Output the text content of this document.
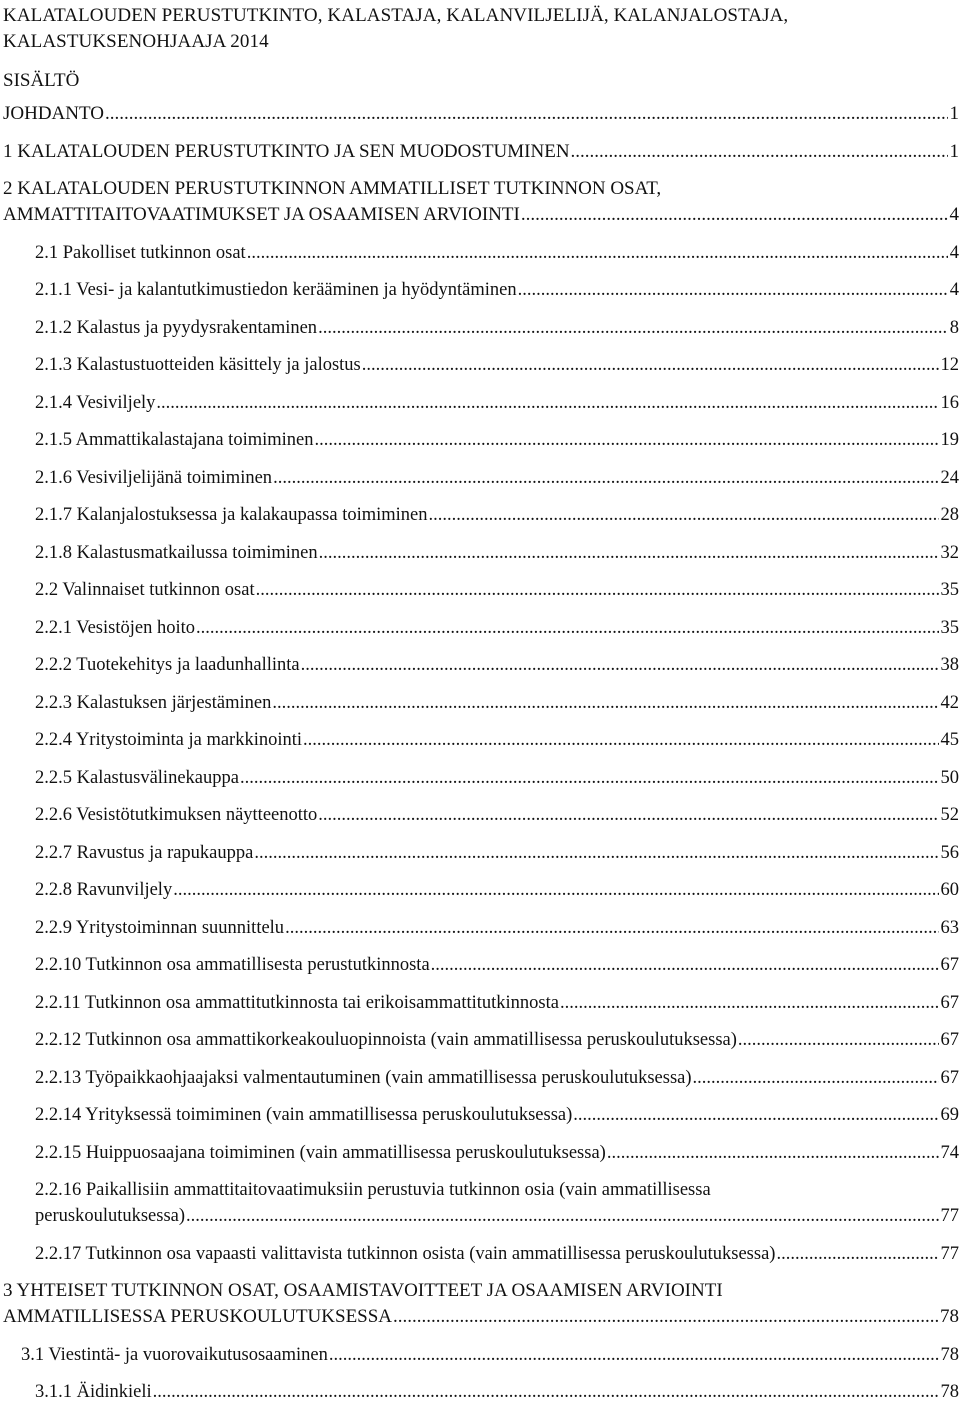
KALATALOUDEN PERUSTUTKINTO, KALASTAJA, KALANVILJELIJÄ, KALANJALOSTAJA,
KALASTUKSENOHJAAJA 2014
SISÄLTÖ
JOHDANTO .....	1
1 KALATALOUDEN PERUSTUTKINTO JA SEN MUODOSTUMINEN .....	1
2 KALATALOUDEN PERUSTUTKINNON AMMATILLISET TUTKINNON OSAT,
AMMATTITAITOVAATIMUKSET JA OSAAMISEN ARVIOINTI .....	4
2.1 Pakolliset tutkinnon osat .....	4
2.1.1 Vesi- ja kalantutkimustiedon kerääminen ja hyödyntäminen .....	4
2.1.2 Kalastus ja pyydysrakentaminen .....	8
2.1.3 Kalastustuotteiden käsittely ja jalostus .....	12
2.1.4 Vesiviljely .....	16
2.1.5 Ammattikalastajana toimiminen .....	19
2.1.6 Vesiviljelijänä toimiminen .....	24
2.1.7 Kalanjalostuksessa ja kalakaupassa toimiminen .....	28
2.1.8 Kalastusmatkailussa toimiminen .....	32
2.2 Valinnaiset tutkinnon osat .....	35
2.2.1 Vesistöjen hoito .....	35
2.2.2 Tuotekehitys ja laadunhallinta .....	38
2.2.3 Kalastuksen järjestäminen .....	42
2.2.4 Yritystoiminta ja markkinointi .....	45
2.2.5 Kalastusvälinekauppa .....	50
2.2.6 Vesistötutkimuksen näytteenotto .....	52
2.2.7 Ravustus ja rapukauppa .....	56
2.2.8 Ravunviljely .....	60
2.2.9 Yritystoiminnan suunnittelu .....	63
2.2.10 Tutkinnon osa ammatillisesta perustutkinnosta .....	67
2.2.11 Tutkinnon osa ammattitutkinnosta tai erikoisammattitutkinnosta .....	67
2.2.12 Tutkinnon osa ammattikorkeakouluopinnoista (vain ammatillisessa peruskoulutuksessa) .....	67
2.2.13 Työpaikkaohjaajaksi valmentautuminen (vain ammatillisessa peruskoulutuksessa) .....	67
2.2.14 Yrityksessä toimiminen (vain ammatillisessa peruskoulutuksessa) .....	69
2.2.15 Huippuosaajana toimiminen (vain ammatillisessa peruskoulutuksessa) .....	74
2.2.16 Paikallisiin ammattitaitovaatimuksiin perustuvia tutkinnon osia (vain ammatillisessa
peruskoulutuksessa) .....	77
2.2.17 Tutkinnon osa vapaasti valittavista tutkinnon osista (vain ammatillisessa peruskoulutuksessa) .....	77
3 YHTEISET TUTKINNON OSAT, OSAAMISTAVOITTEET JA OSAAMISEN ARVIOINTI
AMMATILLISESSA PERUSKOULUTUKSESSA .....	78
3.1 Viestintä- ja vuorovaikutusosaaminen .....	78
3.1.1 Äidinkieli .....	78
